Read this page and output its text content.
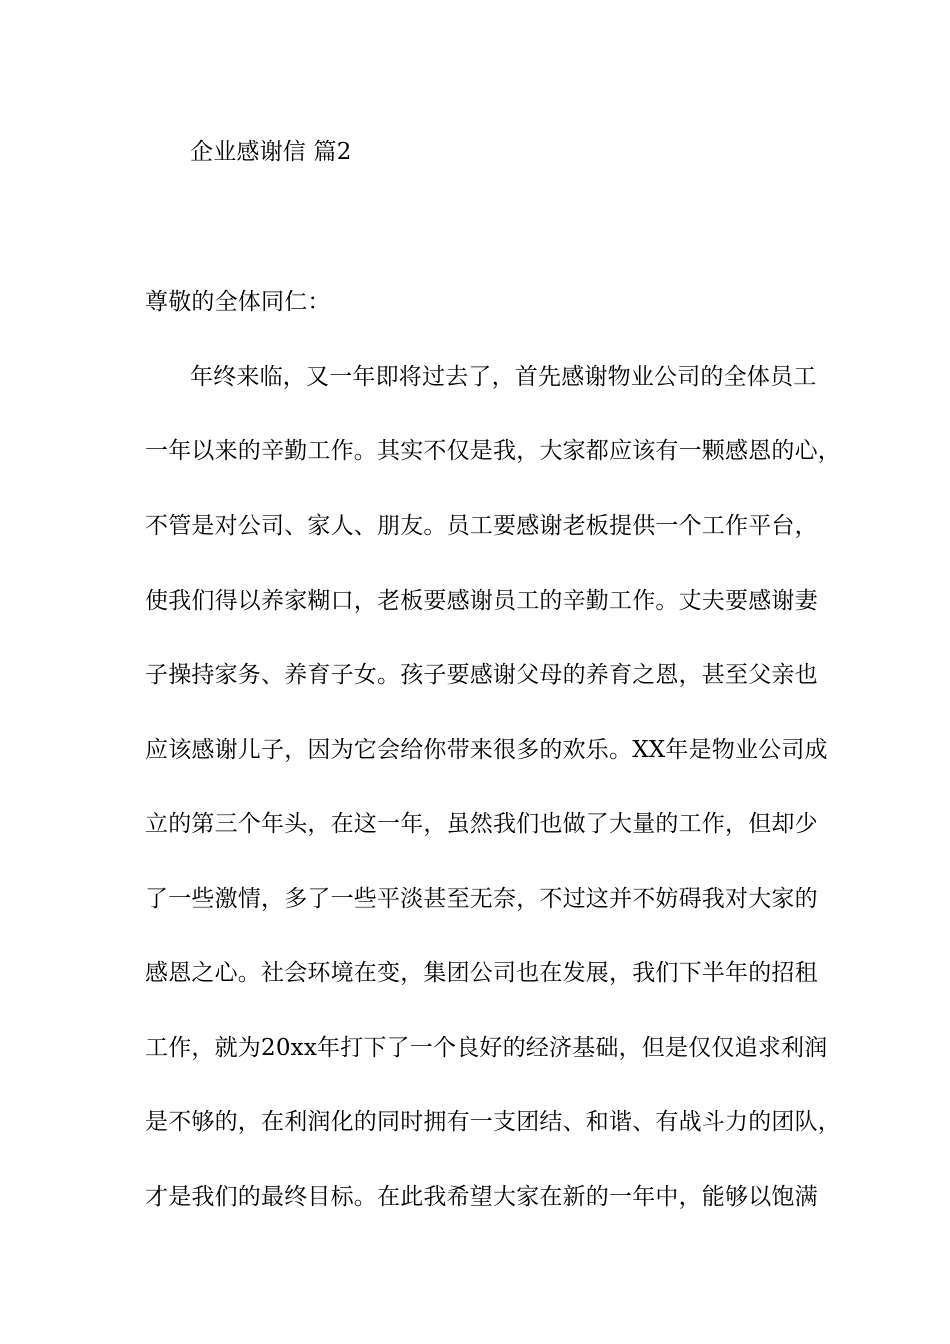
企业感谢信 篇2
尊敬的全体同仁：
年终来临，又一年即将过去了，首先感谢物业公司的全体员工
一年以来的辛勤工作。其实不仅是我，大家都应该有一颗感恩的心，
不管是对公司、家人、朋友。员工要感谢老板提供一个工作平台，
使我们得以养家糊口，老板要感谢员工的辛勤工作。丈夫要感谢妻
子操持家务、养育子女。孩子要感谢父母的养育之恩，甚至父亲也
应该感谢儿子，因为它会给你带来很多的欢乐。XX年是物业公司成
立的第三个年头，在这一年，虽然我们也做了大量的工作，但却少
了一些激情，多了一些平淡甚至无奈，不过这并不妨碍我对大家的
感恩之心。社会环境在变，集团公司也在发展，我们下半年的招租
工作，就为20xx年打下了一个良好的经济基础，但是仅仅追求利润
是不够的，在利润化的同时拥有一支团结、和谐、有战斗力的团队，
才是我们的最终目标。在此我希望大家在新的一年中，能够以饱满
